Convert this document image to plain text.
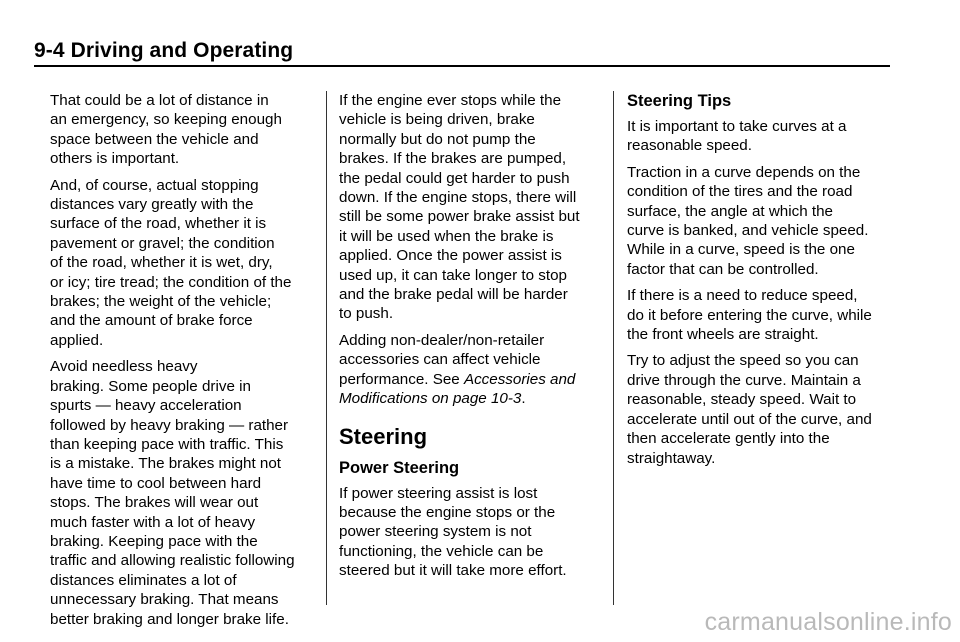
9-4 Driving and Operating

That could be a lot of distance in
an emergency, so keeping enough
space between the vehicle and
others is important.

And, of course, actual stopping
distances vary greatly with the
surface of the road, whether it is
pavement or gravel; the condition
of the road, whether it is wet, dry,
or icy; tire tread; the condition of the
brakes; the weight of the vehicle;
and the amount of brake force
applied.

Avoid needless heavy
braking. Some people drive in
spurts — heavy acceleration
followed by heavy braking — rather
than keeping pace with traffic. This
is a mistake. The brakes might not
have time to cool between hard
stops. The brakes will wear out
much faster with a lot of heavy
braking. Keeping pace with the
traffic and allowing realistic following
distances eliminates a lot of
unnecessary braking. That means
better braking and longer brake life.

If the engine ever stops while the
vehicle is being driven, brake
normally but do not pump the
brakes. If the brakes are pumped,
the pedal could get harder to push
down. If the engine stops, there will
still be some power brake assist but
it will be used when the brake is
applied. Once the power assist is
used up, it can take longer to stop
and the brake pedal will be harder
to push.

Adding non-dealer/non-retailer
accessories can affect vehicle
performance. See Accessories and
Modifications on page 10-3.

Steering
Power Steering

If power steering assist is lost
because the engine stops or the
power steering system is not
functioning, the vehicle can be
steered but it will take more effort.

Steering Tips

It is important to take curves at a
reasonable speed.

Traction in a curve depends on the
condition of the tires and the road
surface, the angle at which the
curve is banked, and vehicle speed.
While in a curve, speed is the one
factor that can be controlled.

If there is a need to reduce speed,
do it before entering the curve, while
the front wheels are straight.

Try to adjust the speed so you can
drive through the curve. Maintain a
reasonable, steady speed. Wait to
accelerate until out of the curve, and
then accelerate gently into the
straightaway.

carmanualsonline.info
